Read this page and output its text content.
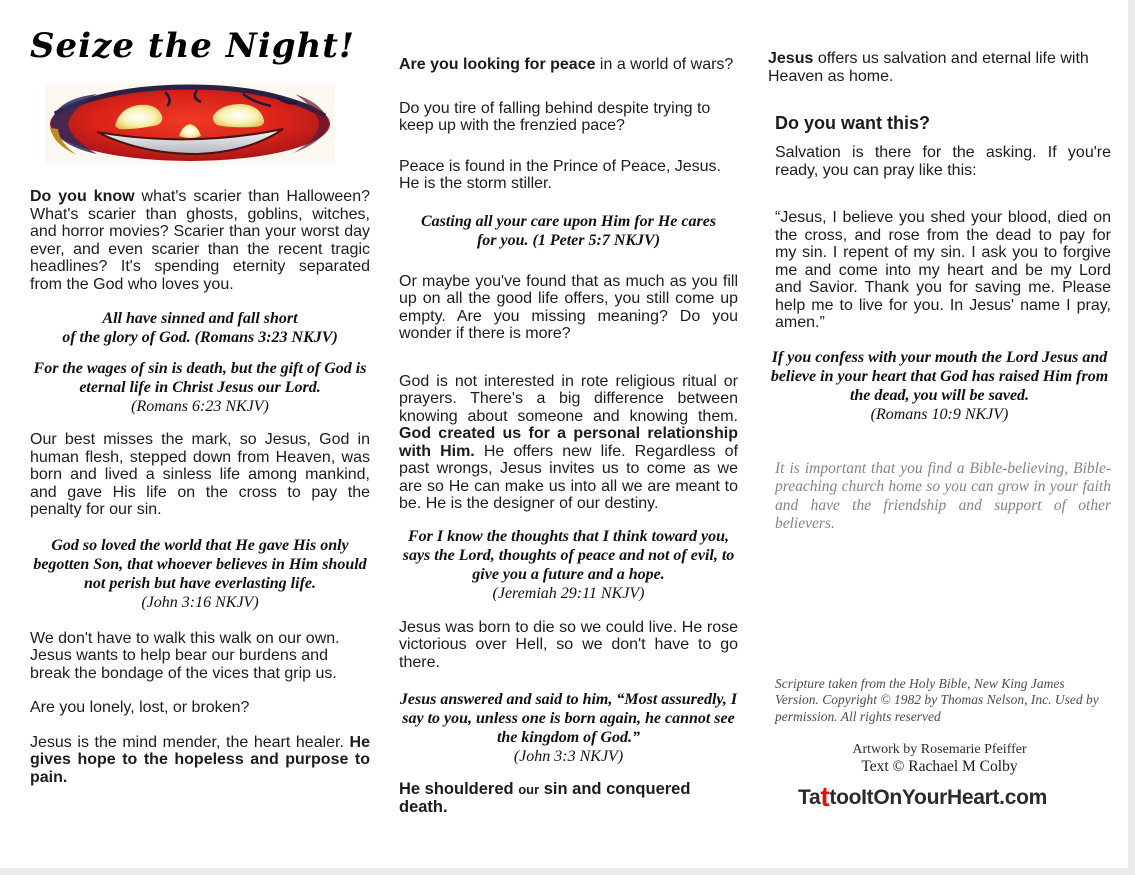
Seize the Night!

Do you know what's scarier than Halloween? What's scarier than ghosts, goblins, witches, and horror movies? Scarier than your worst day ever, and even scarier than the recent tragic headlines? It's spending eternity separated from the God who loves you.

All have sinned and fall short
of the glory of God. (Romans 3:23 NKJV)
For the wages of sin is death, but the gift of God is eternal life in Christ Jesus our Lord.
(Romans 6:23 NKJV)

Our best misses the mark, so Jesus, God in human flesh, stepped down from Heaven, was born and lived a sinless life among mankind, and gave His life on the cross to pay the penalty for our sin.

God so loved the world that He gave His only begotten Son, that whoever believes in Him should not perish but have everlasting life.
(John 3:16 NKJV)

We don't have to walk this walk on our own. Jesus wants to help bear our burdens and break the bondage of the vices that grip us.

Are you lonely, lost, or broken?

Jesus is the mind mender, the heart healer. He gives hope to the hopeless and purpose to pain.

Are you looking for peace in a world of wars?

Do you tire of falling behind despite trying to keep up with the frenzied pace?

Peace is found in the Prince of Peace, Jesus. He is the storm stiller.

Casting all your care upon Him for He cares
for you. (1 Peter 5:7 NKJV)

Or maybe you've found that as much as you fill up on all the good life offers, you still come up empty. Are you missing meaning? Do you wonder if there is more?

God is not interested in rote religious ritual or prayers. There's a big difference between knowing about someone and knowing them. God created us for a personal relationship with Him. He offers new life. Regardless of past wrongs, Jesus invites us to come as we are so He can make us into all we are meant to be. He is the designer of our destiny.

For I know the thoughts that I think toward you, says the Lord, thoughts of peace and not of evil, to give you a future and a hope.
(Jeremiah 29:11 NKJV)

Jesus was born to die so we could live. He rose victorious over Hell, so we don't have to go there.

Jesus answered and said to him, “Most assuredly, I say to you, unless one is born again, he cannot see the kingdom of God.”
(John 3:3 NKJV)

He shouldered our sin and conquered death.

Jesus offers us salvation and eternal life with Heaven as home.

Do you want this?

Salvation is there for the asking. If you're ready, you can pray like this:

“Jesus, I believe you shed your blood, died on the cross, and rose from the dead to pay for my sin. I repent of my sin. I ask you to forgive me and come into my heart and be my Lord and Savior. Thank you for saving me. Please help me to live for you. In Jesus' name I pray, amen.”

If you confess with your mouth the Lord Jesus and believe in your heart that God has raised Him from the dead, you will be saved.
(Romans 10:9 NKJV)

It is important that you find a Bible-believing, Bible-preaching church home so you can grow in your faith and have the friendship and support of other believers.

Scripture taken from the Holy Bible, New King James Version. Copyright © 1982 by Thomas Nelson, Inc. Used by permission. All rights reserved

Artwork by Rosemarie Pfeiffer
Text © Rachael M Colby
TattooItOnYourHeart.com
